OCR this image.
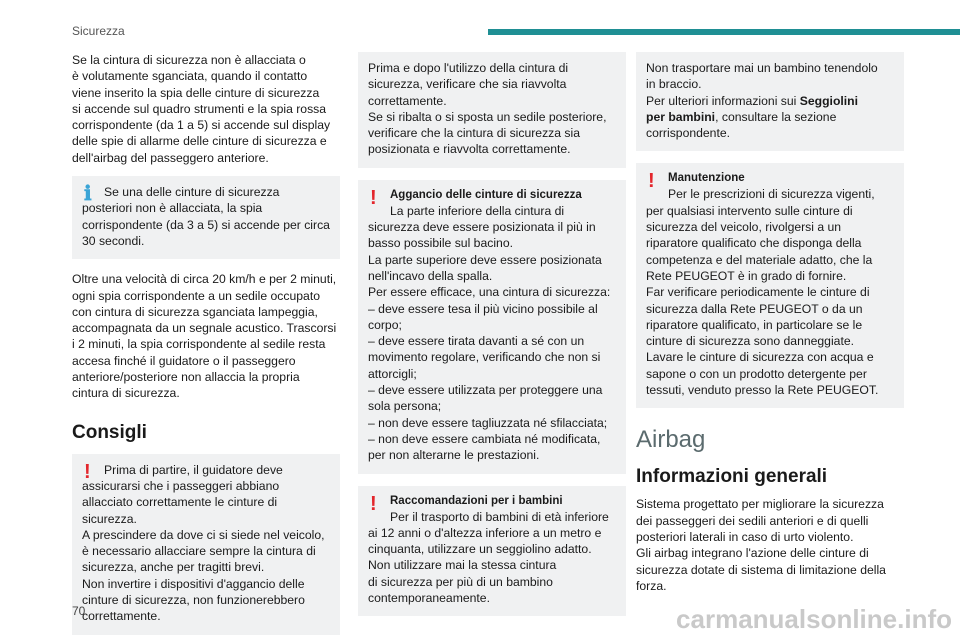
Sicurezza

Se la cintura di sicurezza non è allacciata o
è volutamente sganciata, quando il contatto
viene inserito la spia delle cinture di sicurezza
si accende sul quadro strumenti e la spia rossa
corrispondente (da 1 a 5) si accende sul display
delle spie di allarme delle cinture di sicurezza e
dell'airbag del passeggero anteriore.

ℹ	Se una delle cinture di sicurezza
posteriori non è allacciata, la spia
corrispondente (da 3 a 5) si accende per circa
30 secondi.

Oltre una velocità di circa 20 km/h e per 2 minuti,
ogni spia corrispondente a un sedile occupato
con cintura di sicurezza sganciata lampeggia,
accompagnata da un segnale acustico. Trascorsi
i 2 minuti, la spia corrispondente al sedile resta
accesa finché il guidatore o il passeggero
anteriore/posteriore non allaccia la propria
cintura di sicurezza.

Consigli
!	Prima di partire, il guidatore deve
assicurarsi che i passeggeri abbiano
allacciato correttamente le cinture di
sicurezza.
A prescindere da dove ci si siede nel veicolo,
è necessario allacciare sempre la cintura di
sicurezza, anche per tragitti brevi.
Non invertire i dispositivi d'aggancio delle
cinture di sicurezza, non funzionerebbero
correttamente.
Prima e dopo l'utilizzo della cintura di
sicurezza, verificare che sia riavvolta
correttamente.
Se si ribalta o si sposta un sedile posteriore,
verificare che la cintura di sicurezza sia
posizionata e riavvolta correttamente.
!	Aggancio delle cinture di sicurezza
La parte inferiore della cintura di
sicurezza deve essere posizionata il più in
basso possibile sul bacino.
La parte superiore deve essere posizionata
nell'incavo della spalla.
Per essere efficace, una cintura di sicurezza:
– deve essere tesa il più vicino possibile al
corpo;
– deve essere tirata davanti a sé con un
movimento regolare, verificando che non si
attorcigli;
– deve essere utilizzata per proteggere una
sola persona;
– non deve essere tagliuzzata né sfilacciata;
– non deve essere cambiata né modificata,
per non alterarne le prestazioni.
!	Raccomandazioni per i bambini
Per il trasporto di bambini di età inferiore
ai 12 anni o d'altezza inferiore a un metro e
cinquanta, utilizzare un seggiolino adatto.
Non utilizzare mai la stessa cintura
di sicurezza per più di un bambino
contemporaneamente.
Non trasportare mai un bambino tenendolo
in braccio.
Per ulteriori informazioni sui Seggiolini
per bambini, consultare la sezione
corrispondente.
!	Manutenzione
Per le prescrizioni di sicurezza vigenti,
per qualsiasi intervento sulle cinture di
sicurezza del veicolo, rivolgersi a un
riparatore qualificato che disponga della
competenza e del materiale adatto, che la
Rete PEUGEOT è in grado di fornire.
Far verificare periodicamente le cinture di
sicurezza dalla Rete PEUGEOT o da un
riparatore qualificato, in particolare se le
cinture di sicurezza sono danneggiate.
Lavare le cinture di sicurezza con acqua e
sapone o con un prodotto detergente per
tessuti, venduto presso la Rete PEUGEOT.
Airbag
Informazioni generali

Sistema progettato per migliorare la sicurezza
dei passeggeri dei sedili anteriori e di quelli
posteriori laterali in caso di urto violento.
Gli airbag integrano l'azione delle cinture di
sicurezza dotate di sistema di limitazione della
forza.

70	carmanualsonline.info
